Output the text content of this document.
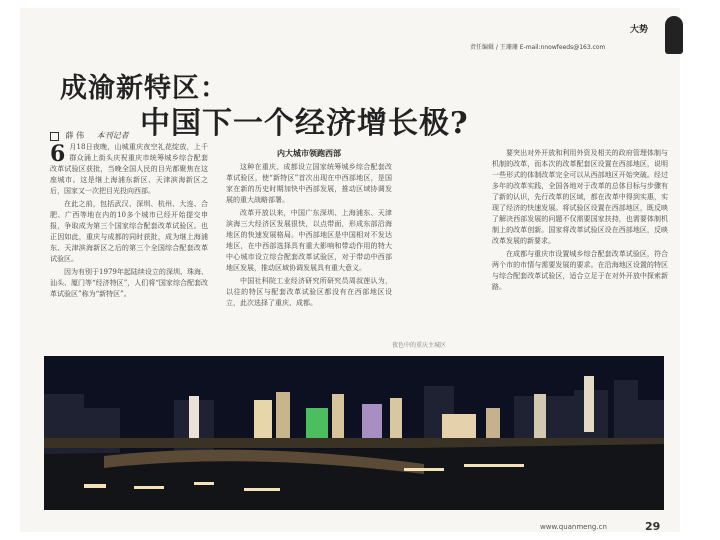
大势
责任编辑 / 王珊珊 E-mail:nnowfeeds@163.com
成渝新特区：
中国下一个经济增长极?
薛 伟 本刊记者

6 月18日夜晚，山城重庆夜空礼花绽放，上千群众涌上街头庆祝重庆市统筹城乡综合配套改革试验区获批，当晚全国人民的目光都聚焦在这座城市。这是继上海浦东新区、天津滨海新区之后，国家又一次把目光投向西部。

在此之前，包括武汉、深圳、杭州、大连、合肥、广西等地在内的10多个城市已经开始提交申报，争取成为第三个国家综合配套改革试验区。也正因如此，重庆与成都的同时获批，成为继上海浦东、天津滨海新区之后的第三个全国综合配套改革试验区。

因为有别于1979年起陆续设立的深圳、珠海、汕头、厦门等“经济特区”，人们将“国家综合配套改革试验区”称为“新特区”。

内大城市领跑西部

这种在重庆、成都设立国家统筹城乡综合配套改革试验区，使“新特区”首次出现在中西部地区，是国家在新的历史时期加快中西部发展，推动区域协调发展的重大战略部署。

改革开放以来，中国广东深圳、上海浦东、天津滨海三大经济区发展很快，以点带面，形成东部沿海地区的快速发展格局。中西部地区是中国相对不发达地区，在中西部选择具有重大影响和带动作用的特大中心城市设立综合配套改革试验区，对于带动中西部地区发展，推动区域协调发展具有重大意义。

中国社科院工业经济研究所研究员周叔莲认为，以往的特区与配套改革试验区都没有在西部地区设立，此次选择了重庆、成都。

要突出对外开放和利用外资及相关的政府管理体制与机制的改革，而本次的改革配套区设置在西部地区，说明一些形式的体制改革完全可以从西部地区开始突破。经过多年的改革实践，全国各地对于改革的总体目标与步骤有了新的认识，先行改革的区域，都在改革中得到实惠，实现了经济的快速发展。将试验区设置在西部地区，既反映了解决西部发展的问题不仅需要国家扶持，也需要体制机制上的改革创新。国家将改革试验区设在西部地区，反映改革发展的新要求。

在成都与重庆市设置城乡综合配套改革试验区，符合两个市的市情与需要发展的要求。在沿海地区设置的特区与综合配套改革试验区，适合立足于在对外开放中探索新路。

夜色中的重庆主城区
www.quanmeng.cn	29
